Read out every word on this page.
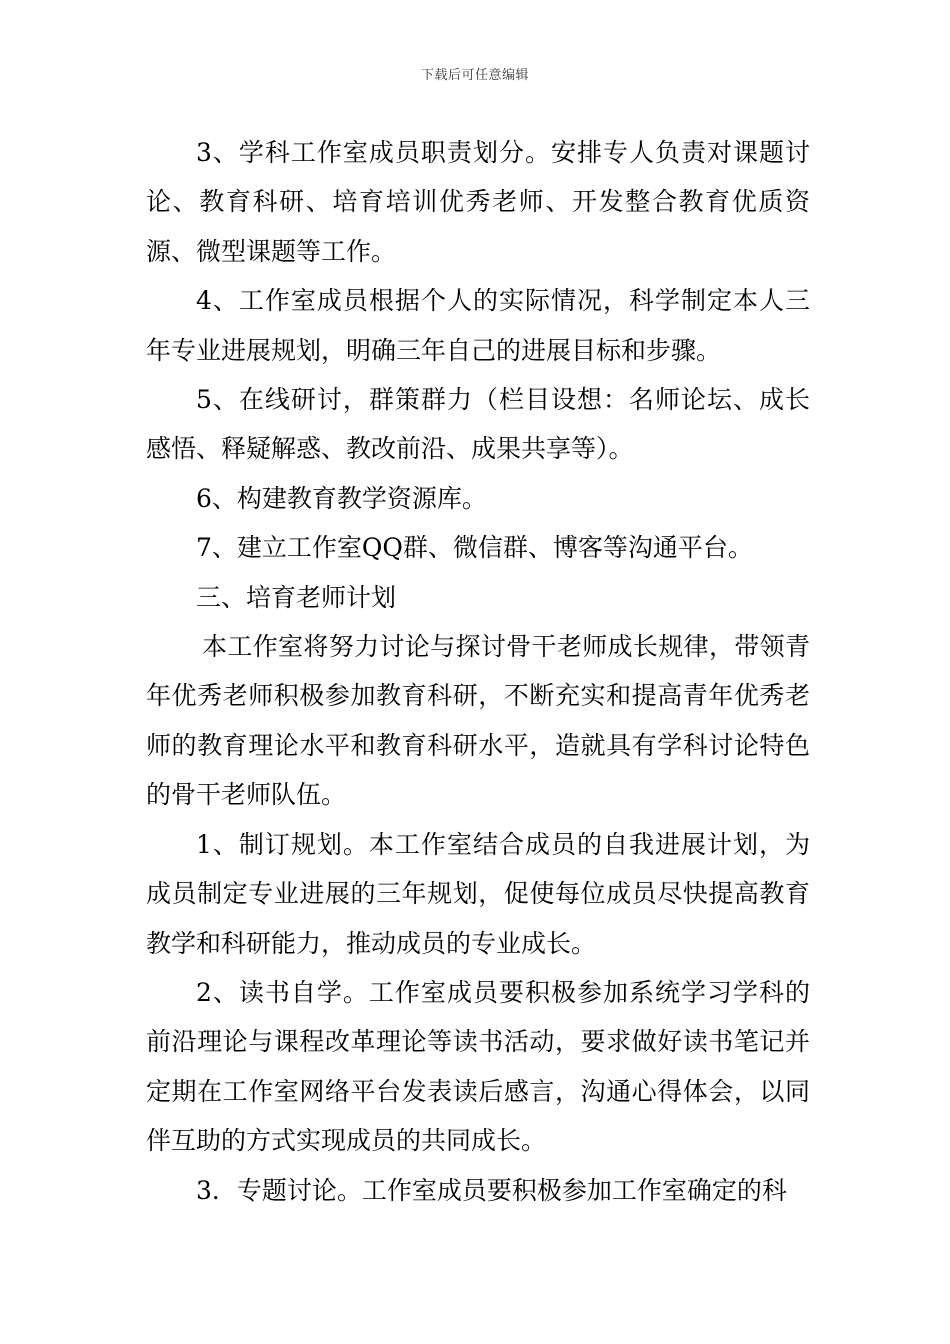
下载后可任意编辑

3、学科工作室成员职责划分。安排专人负责对课题讨论、教育科研、培育培训优秀老师、开发整合教育优质资源、微型课题等工作。

4、工作室成员根据个人的实际情况，科学制定本人三年专业进展规划，明确三年自己的进展目标和步骤。

5、在线研讨，群策群力（栏目设想：名师论坛、成长感悟、释疑解惑、教改前沿、成果共享等）。

6、构建教育教学资源库。

7、建立工作室QQ群、微信群、博客等沟通平台。

三、培育老师计划

本工作室将努力讨论与探讨骨干老师成长规律，带领青年优秀老师积极参加教育科研，不断充实和提高青年优秀老师的教育理论水平和教育科研水平，造就具有学科讨论特色的骨干老师队伍。

1、制订规划。本工作室结合成员的自我进展计划，为成员制定专业进展的三年规划，促使每位成员尽快提高教育教学和科研能力，推动成员的专业成长。

2、读书自学。工作室成员要积极参加系统学习学科的前沿理论与课程改革理论等读书活动，要求做好读书笔记并定期在工作室网络平台发表读后感言，沟通心得体会，以同伴互助的方式实现成员的共同成长。

3．专题讨论。工作室成员要积极参加工作室确定的科
